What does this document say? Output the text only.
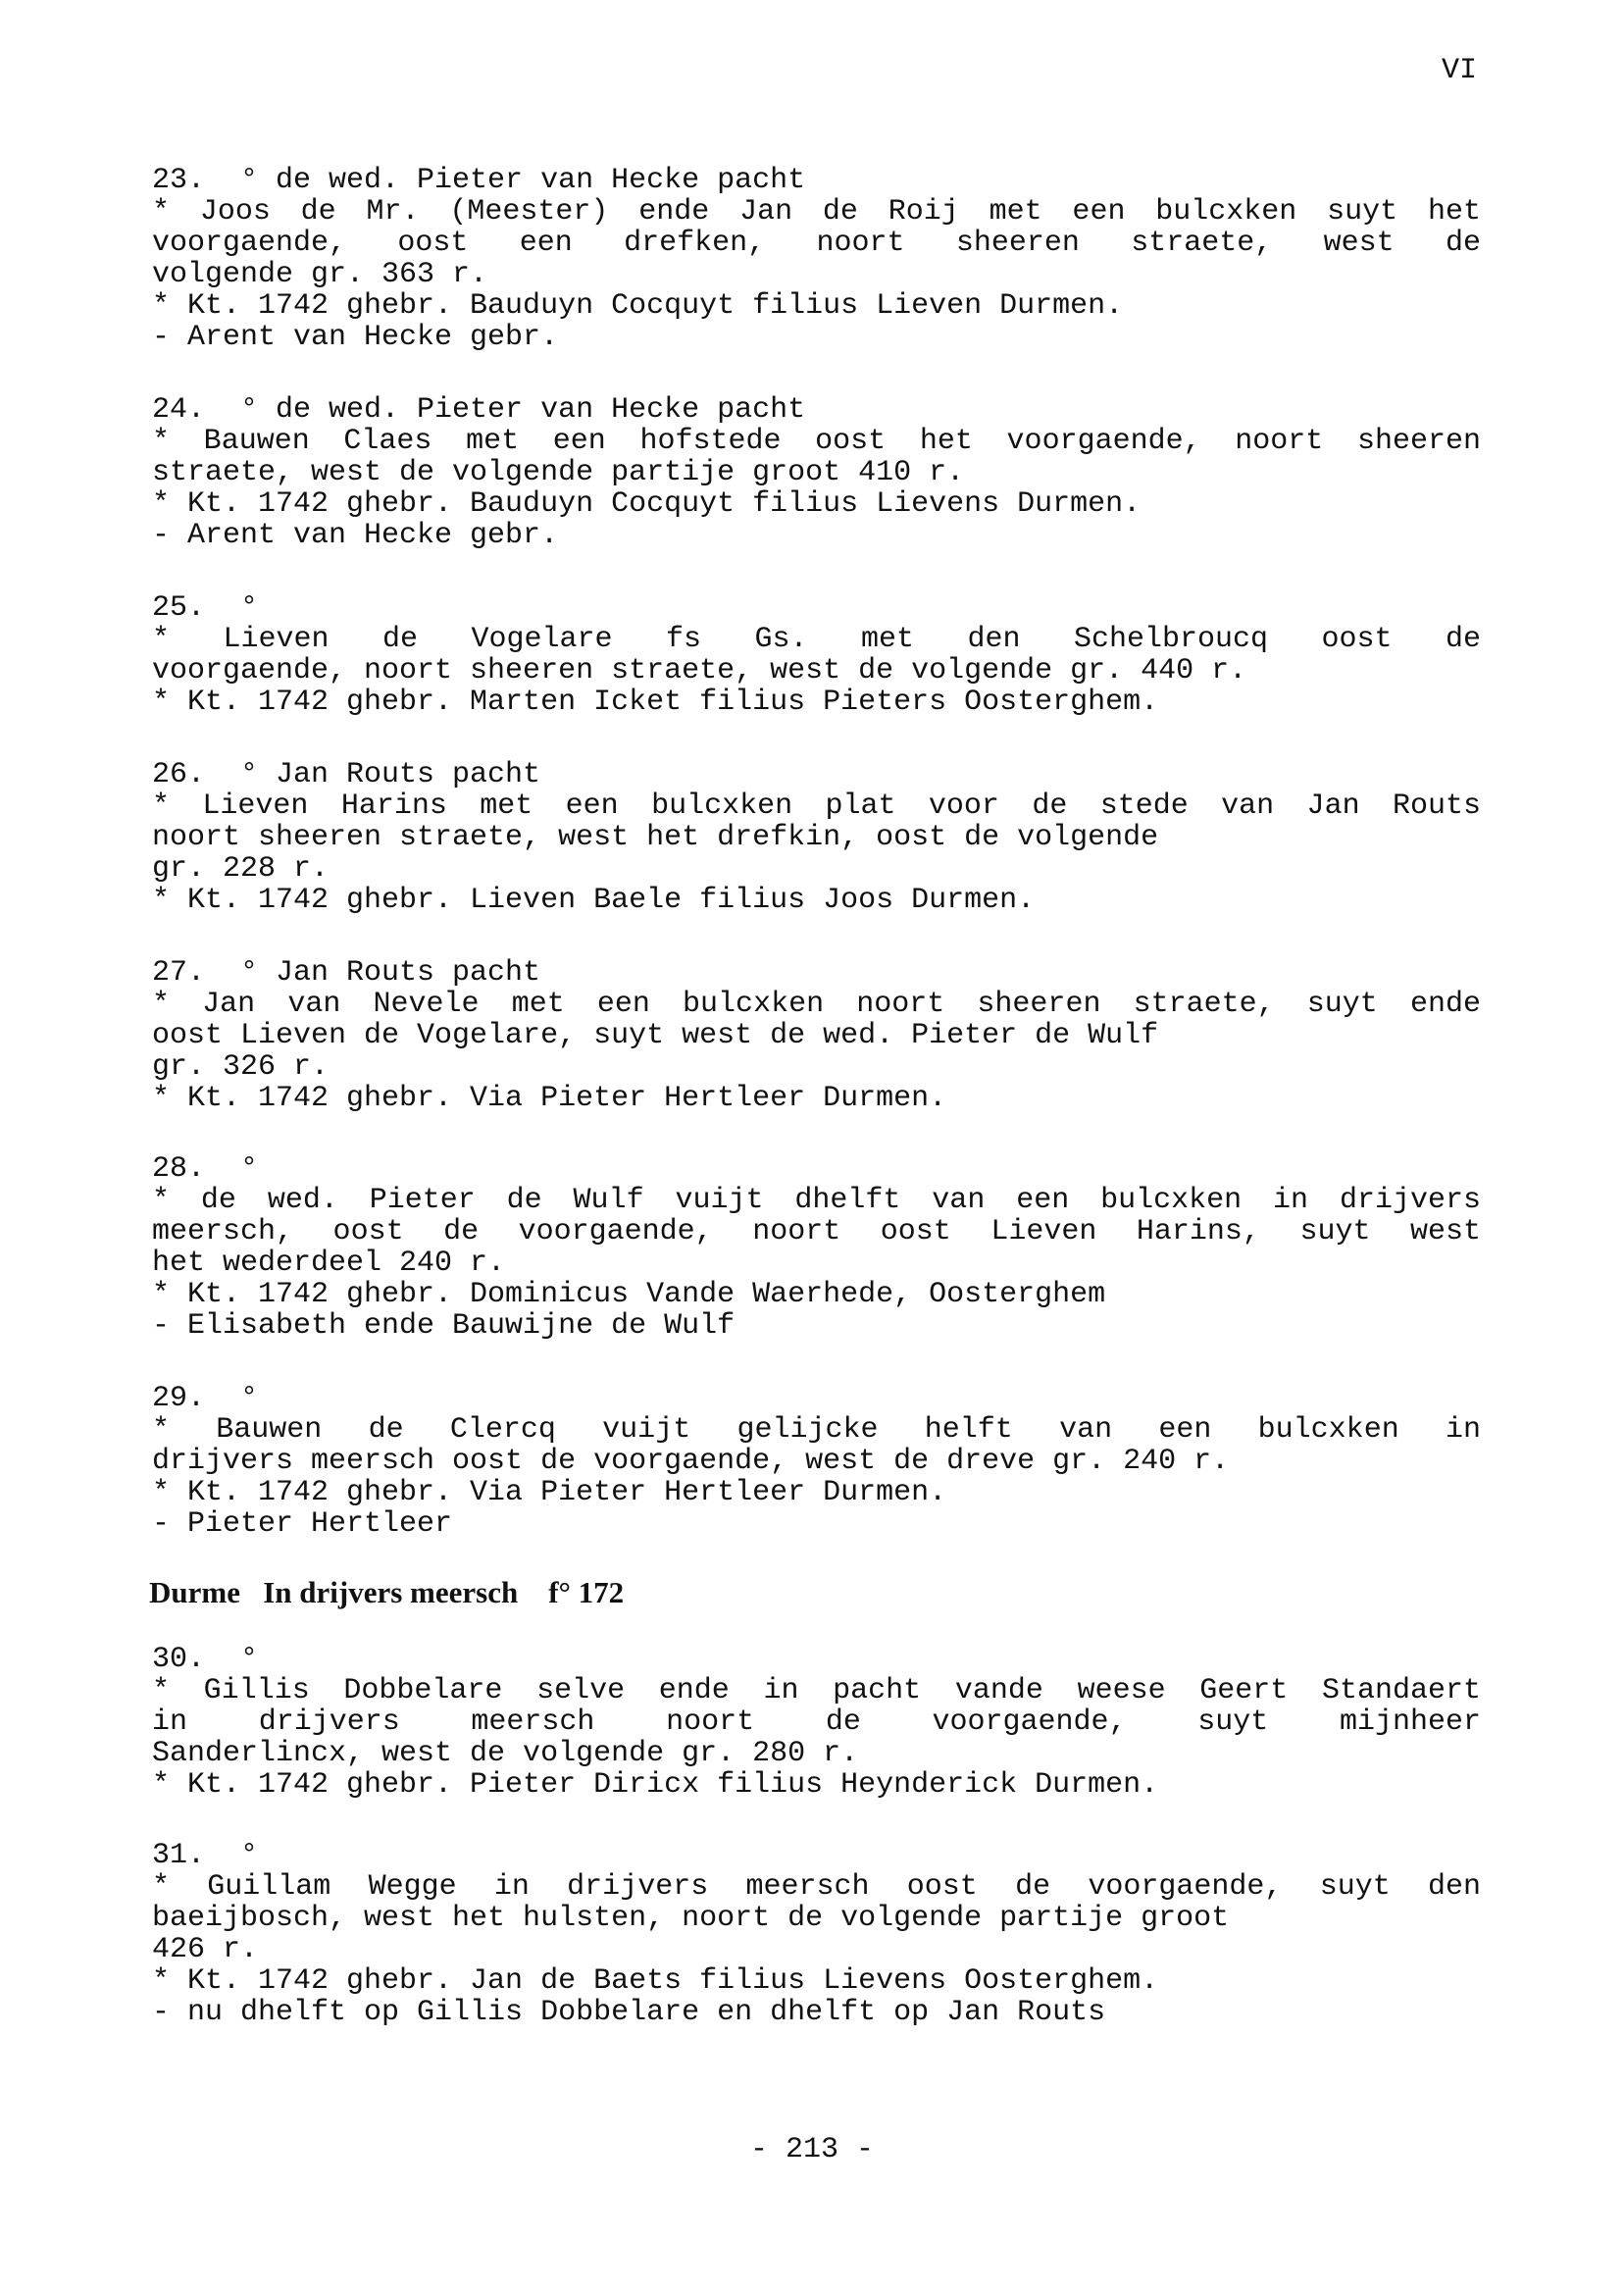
VI
23.  ° de wed. Pieter van Hecke pacht
* Joos de Mr. (Meester) ende Jan de Roij met een bulcxken suyt het
voorgaende, oost een drefken, noort sheeren straete, west de
volgende gr. 363 r.
* Kt. 1742 ghebr. Bauduyn Cocquyt filius Lieven Durmen.
- Arent van Hecke gebr.
24.  ° de wed. Pieter van Hecke pacht
* Bauwen Claes met een hofstede oost het voorgaende, noort sheeren
straete, west de volgende partije groot 410 r.
* Kt. 1742 ghebr. Bauduyn Cocquyt filius Lievens Durmen.
- Arent van Hecke gebr.
25.  °
* Lieven de Vogelare fs Gs. met den Schelbroucq oost de
voorgaende, noort sheeren straete, west de volgende gr. 440 r.
* Kt. 1742 ghebr. Marten Icket filius Pieters Oosterghem.
26.  ° Jan Routs pacht
* Lieven Harins met een bulcxken plat voor de stede van Jan Routs
noort sheeren straete, west het drefkin, oost de volgende
gr. 228 r.
* Kt. 1742 ghebr. Lieven Baele filius Joos Durmen.
27.  ° Jan Routs pacht
* Jan van Nevele met een bulcxken noort sheeren straete, suyt ende
oost Lieven de Vogelare, suyt west de wed. Pieter de Wulf
gr. 326 r.
* Kt. 1742 ghebr. Via Pieter Hertleer Durmen.
28.  °
* de wed. Pieter de Wulf vuijt dhelft van een bulcxken in drijvers
meersch, oost de voorgaende, noort oost Lieven Harins, suyt west
het wederdeel 240 r.
* Kt. 1742 ghebr. Dominicus Vande Waerhede, Oosterghem
- Elisabeth ende Bauwijne de Wulf
29.  °
* Bauwen de Clercq vuijt gelijcke helft van een bulcxken in
drijvers meersch oost de voorgaende, west de dreve gr. 240 r.
* Kt. 1742 ghebr. Via Pieter Hertleer Durmen.
- Pieter Hertleer
Durme   In drijvers meersch    f° 172
30.  °
* Gillis Dobbelare selve ende in pacht vande weese Geert Standaert
in drijvers meersch noort de voorgaende, suyt mijnheer
Sanderlincx, west de volgende gr. 280 r.
* Kt. 1742 ghebr. Pieter Diricx filius Heynderick Durmen.
31.  °
* Guillam Wegge in drijvers meersch oost de voorgaende, suyt den
baeijbosch, west het hulsten, noort de volgende partije groot
426 r.
* Kt. 1742 ghebr. Jan de Baets filius Lievens Oosterghem.
- nu dhelft op Gillis Dobbelare en dhelft op Jan Routs
- 213 -
